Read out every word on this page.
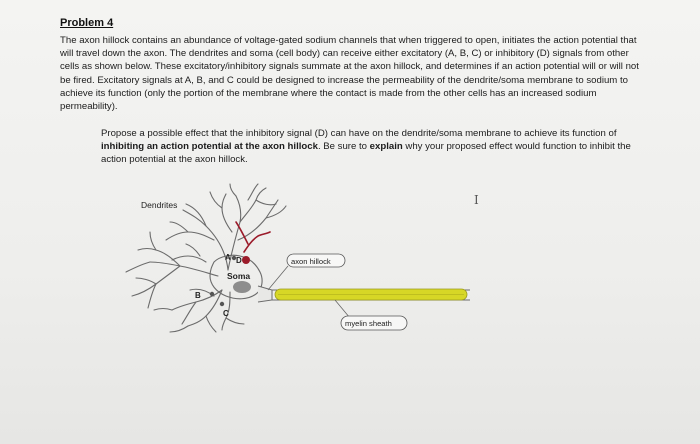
Problem 4
The axon hillock contains an abundance of voltage-gated sodium channels that when triggered to open, initiates the action potential that will travel down the axon. The dendrites and soma (cell body) can receive either excitatory (A, B, C) or inhibitory (D) signals from other cells as shown below. These excitatory/inhibitory signals summate at the axon hillock, and determines if an action potential will or will not be fired. Excitatory signals at A, B, and C could be designed to increase the permeability of the dendrite/soma membrane to sodium to achieve its function (only the portion of the membrane where the contact is made from the other cells has an increased sodium permeability).
Propose a possible effect that the inhibitory signal (D) can have on the dendrite/soma membrane to achieve its function of inhibiting an action potential at the axon hillock. Be sure to explain why your proposed effect would function to inhibit the action potential at the axon hillock.
I
Dendrites
Soma
A D
B
C
axon hillock
myelin sheath
